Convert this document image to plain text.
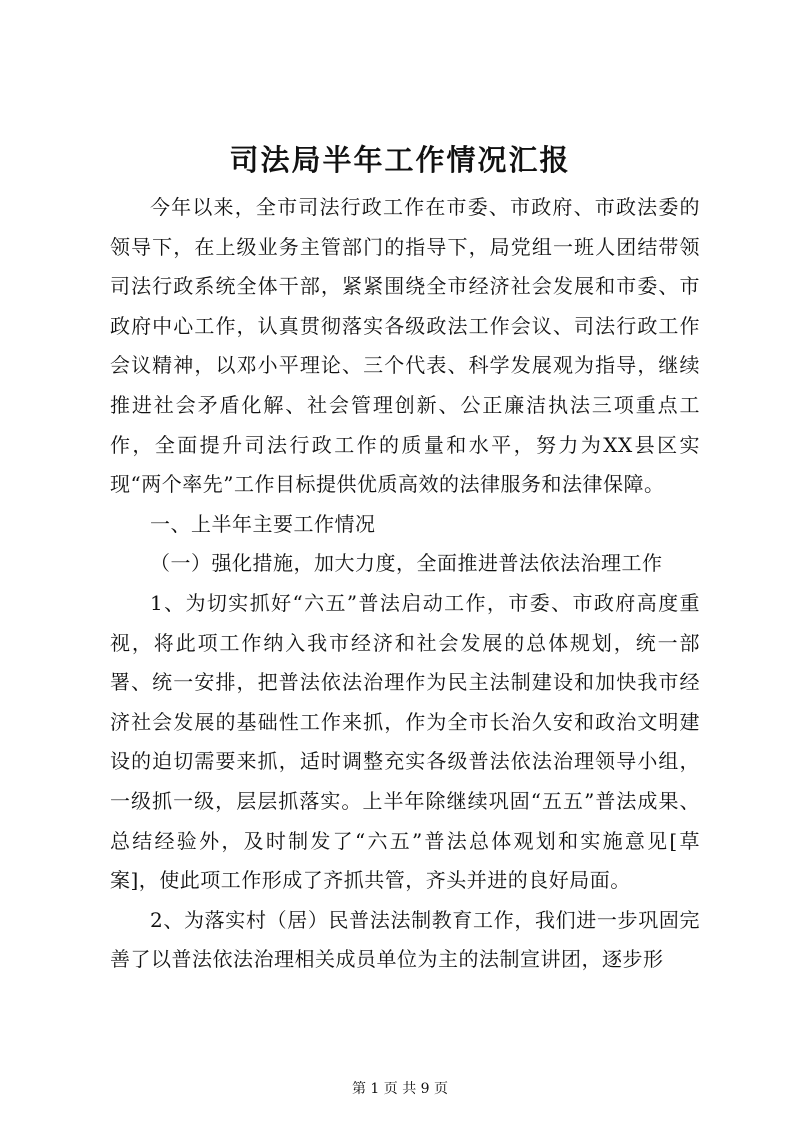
司法局半年工作情况汇报

今年以来，全市司法行政工作在市委、市政府、市政法委的领导下，在上级业务主管部门的指导下，局党组一班人团结带领司法行政系统全体干部，紧紧围绕全市经济社会发展和市委、市政府中心工作，认真贯彻落实各级政法工作会议、司法行政工作会议精神，以邓小平理论、三个代表、科学发展观为指导，继续推进社会矛盾化解、社会管理创新、公正廉洁执法三项重点工作，全面提升司法行政工作的质量和水平，努力为XX县区实现“两个率先”工作目标提供优质高效的法律服务和法律保障。

一、上半年主要工作情况

（一）强化措施，加大力度，全面推进普法依法治理工作

1、为切实抓好“六五”普法启动工作，市委、市政府高度重视，将此项工作纳入我市经济和社会发展的总体规划，统一部署、统一安排，把普法依法治理作为民主法制建设和加快我市经济社会发展的基础性工作来抓，作为全市长治久安和政治文明建设的迫切需要来抓，适时调整充实各级普法依法治理领导小组，一级抓一级，层层抓落实。上半年除继续巩固“五五”普法成果、总结经验外，及时制发了“六五”普法总体观划和实施意见[草案]，使此项工作形成了齐抓共管，齐头并进的良好局面。

2、为落实村（居）民普法法制教育工作，我们进一步巩固完善了以普法依法治理相关成员单位为主的法制宣讲团，逐步形

第 1 页 共 9 页
